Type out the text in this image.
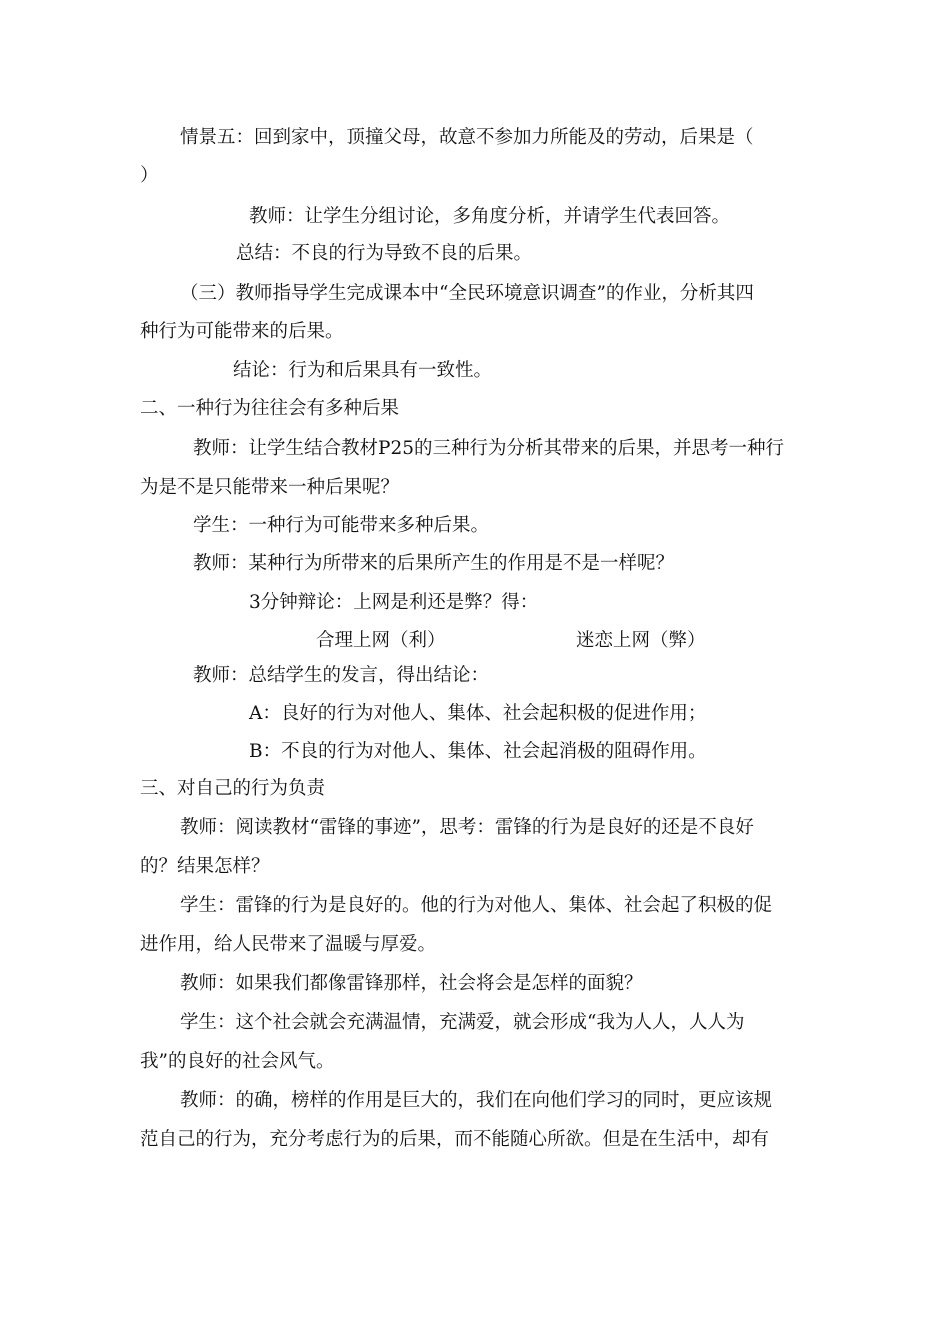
情景五：回到家中，顶撞父母，故意不参加力所能及的劳动，后果是（
）
教师：让学生分组讨论，多角度分析，并请学生代表回答。
总结：不良的行为导致不良的后果。
（三）教师指导学生完成课本中“全民环境意识调查”的作业，分析其四
种行为可能带来的后果。
结论：行为和后果具有一致性。
二、一种行为往往会有多种后果
教师：让学生结合教材P25的三种行为分析其带来的后果，并思考一种行
为是不是只能带来一种后果呢？
学生：一种行为可能带来多种后果。
教师：某种行为所带来的后果所产生的作用是不是一样呢？
3分钟辩论：上网是利还是弊？得：
合理上网（利）	迷恋上网（弊）
教师：总结学生的发言，得出结论：
A：良好的行为对他人、集体、社会起积极的促进作用；
B：不良的行为对他人、集体、社会起消极的阻碍作用。
三、对自己的行为负责
教师：阅读教材“雷锋的事迹”，思考：雷锋的行为是良好的还是不良好
的？结果怎样？
学生：雷锋的行为是良好的。他的行为对他人、集体、社会起了积极的促
进作用，给人民带来了温暖与厚爱。
教师：如果我们都像雷锋那样，社会将会是怎样的面貌？
学生：这个社会就会充满温情，充满爱，就会形成“我为人人，人人为
我”的良好的社会风气。
教师：的确，榜样的作用是巨大的，我们在向他们学习的同时，更应该规
范自己的行为，充分考虑行为的后果，而不能随心所欲。但是在生活中，却有
